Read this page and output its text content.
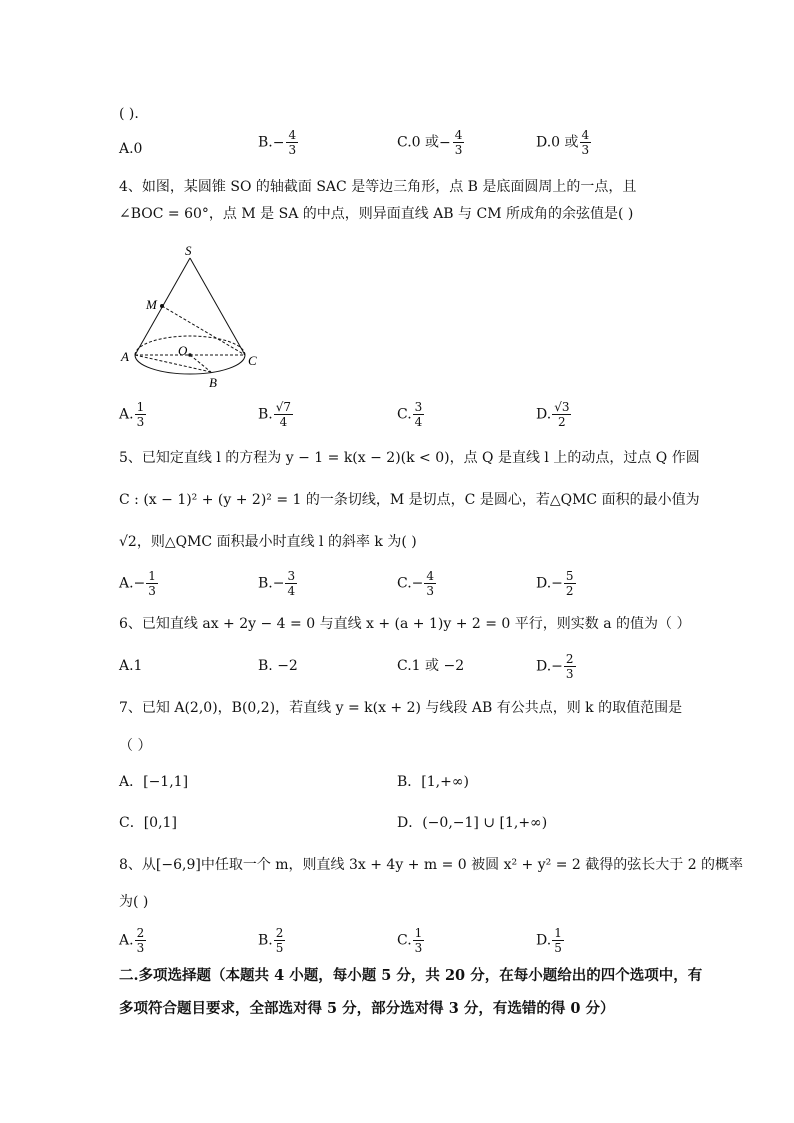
( ).
A.0	$B.- \frac{4}{3}$	C.0 或− $\frac{4}{3}$	D.0 或 $\frac{4}{3}$
4、如图，某圆锥 SO 的轴截面 SAC 是等边三角形，点 B 是底面圆周上的一点，且
∠BOC = 60°，点 M 是 SA 的中点，则异面直线 AB 与 CM 所成角的余弦值是( )
S
M
A	O
C
B
A. $\frac{1}{3}$	B. $\frac{√7}{4}$	C. $\frac{3}{4}$	D. $\frac{√3}{2}$
5、已知定直线 l 的方程为 y − 1 = k(x − 2)(k < 0)，点 Q 是直线 l 上的动点，过点 Q 作圆
C : (x − 1)² + (y + 2)² = 1 的一条切线，M 是切点，C 是圆心，若△QMC 面积的最小值为
√2，则△QMC 面积最小时直线 l 的斜率 k 为( )
$A.- \frac{1}{3}$	$B.- \frac{3}{4}$	$C.- \frac{4}{3}$	$D.- \frac{5}{2}$
6、已知直线 ax + 2y − 4 = 0 与直线 x + (a + 1)y + 2 = 0 平行，则实数 a 的值为（ ）
A.1	B. −2	C.1 或 −2	$D.- \frac{2}{3}$
7、已知 A(2,0)，B(0,2)，若直线 y = k(x + 2) 与线段 AB 有公共点，则 k 的取值范围是
（ ）
A．[−1,1]	B．[1,+∞)
C．[0,1]	D．(−0,−1] ∪ [1,+∞)
8、从[−6,9]中任取一个 m，则直线 3x + 4y + m = 0 被圆 x² + y² = 2 截得的弦长大于 2 的概率
为( )
A. $\frac{2}{3}$	B. $\frac{2}{5}$	C. $\frac{1}{3}$	D. $\frac{1}{5}$
二.多项选择题（本题共 4 小题，每小题 5 分，共 20 分，在每小题给出的四个选项中，有
多项符合题目要求，全部选对得 5 分，部分选对得 3 分，有选错的得 0 分）
